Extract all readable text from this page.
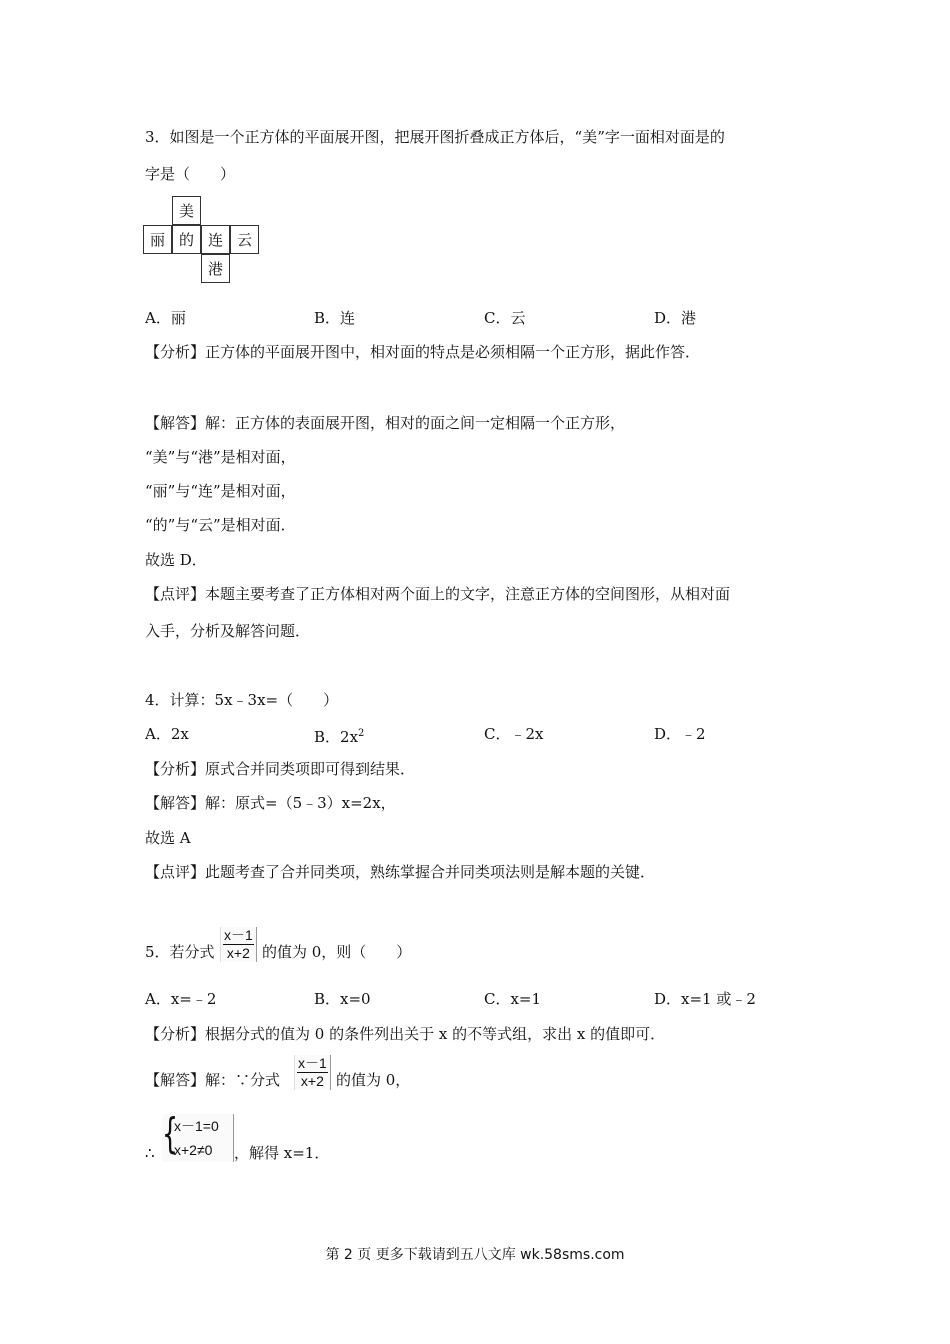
3．如图是一个正方体的平面展开图，把展开图折叠成正方体后，“美”字一面相对面是的
字是（　　）
美
丽 的 连 云
港
A．丽	B．连	C．云	D．港
【分析】正方体的平面展开图中，相对面的特点是必须相隔一个正方形，据此作答．
【解答】解：正方体的表面展开图，相对的面之间一定相隔一个正方形，
“美”与“港”是相对面，
“丽”与“连”是相对面，
“的”与“云”是相对面．
故选 D．
【点评】本题主要考查了正方体相对两个面上的文字，注意正方体的空间图形，从相对面
入手，分析及解答问题．
4．计算：5x﹣3x=（　　）
A．2x	B．$2x^2$	C．﹣2x	D．﹣2
【分析】原式合并同类项即可得到结果．
【解答】解：原式=（5﹣3）x=2x，
故选 A
【点评】此题考查了合并同类项，熟练掌握合并同类项法则是解本题的关键．
5．若分式 $\frac{x-1}{x+2}$ 的值为 0，则（　　）
A．x=﹣2	B．x=0	C．x=1	D．x=1 或﹣2
【分析】根据分式的值为 0 的条件列出关于 x 的不等式组，求出 x 的值即可．
【解答】解：∵分式 $\frac{x-1}{x+2}$ 的值为 0，
∴ {
x－1=0
x+2≠0 ，解得 x=1．
第 2 页 更多下载请到五八文库 wk.58sms.com
